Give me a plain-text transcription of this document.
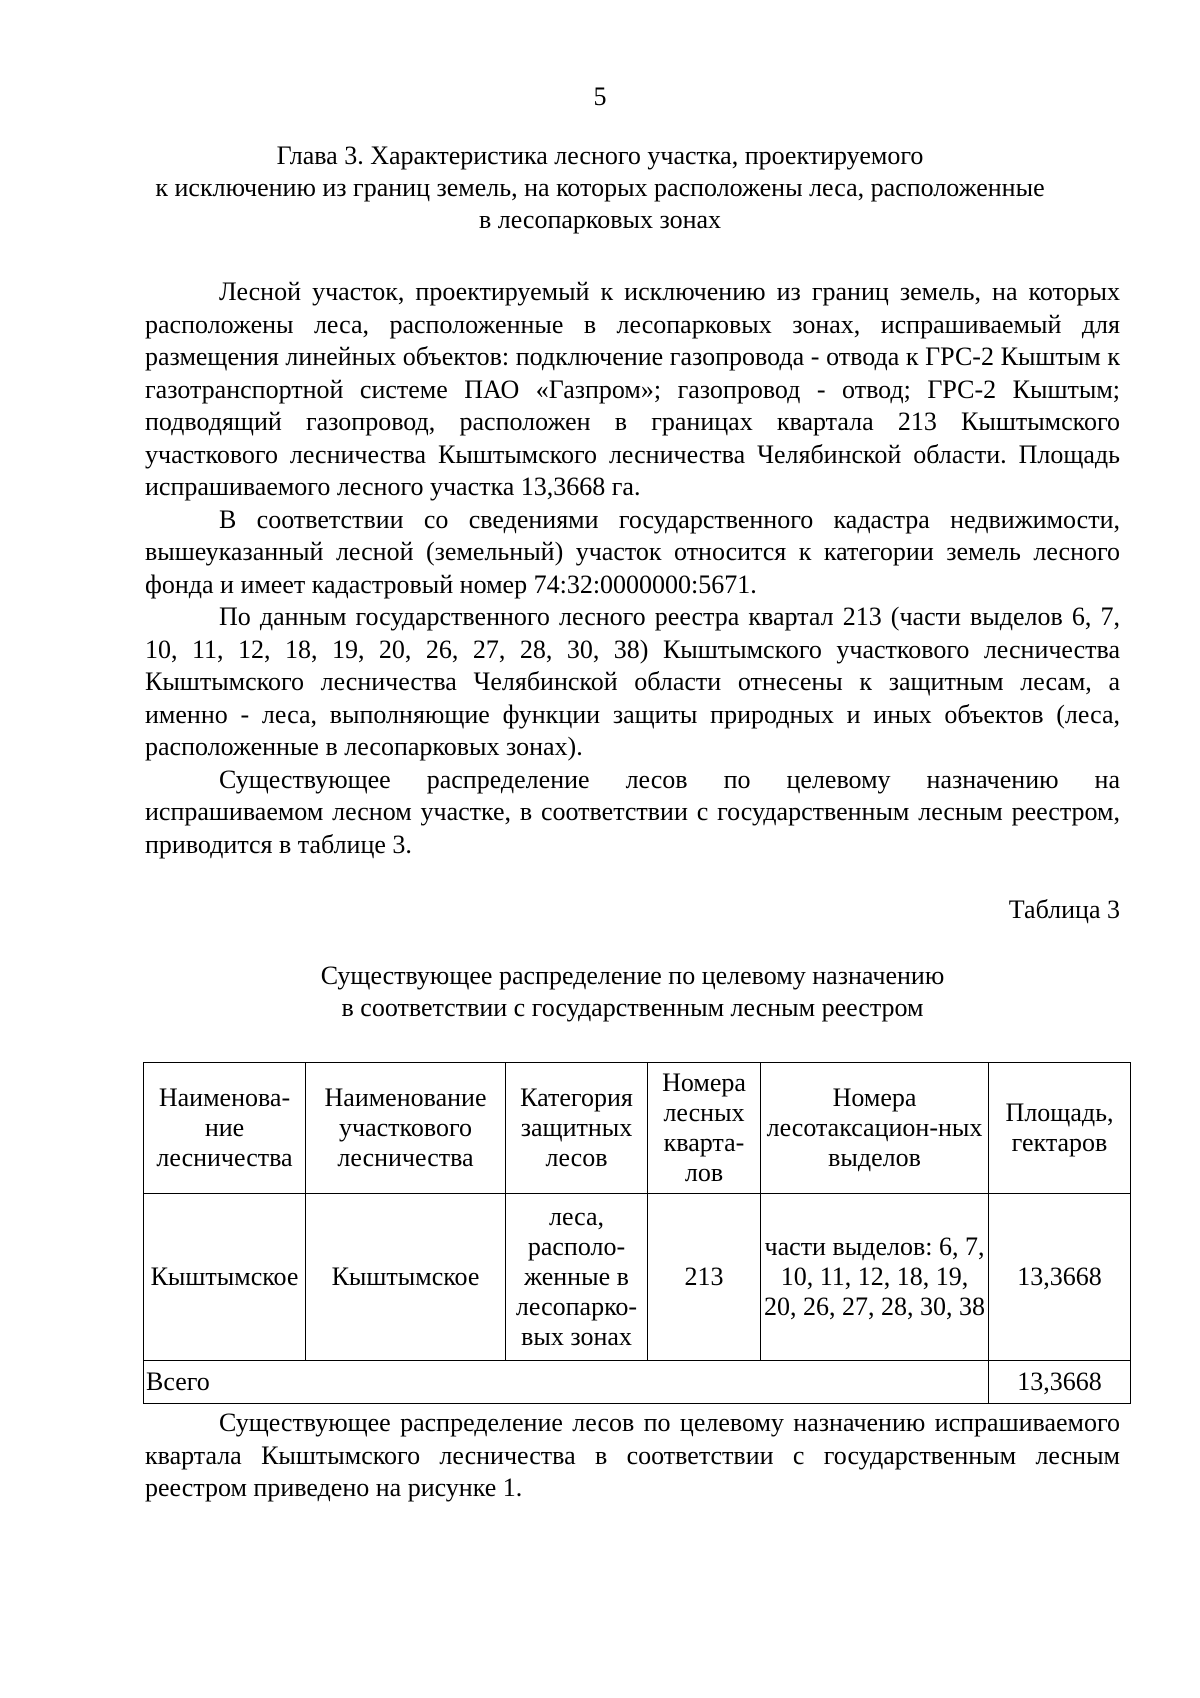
5
Глава 3. Характеристика лесного участка, проектируемого
к исключению из границ земель, на которых расположены леса, расположенные
в лесопарковых зонах

Лесной участок, проектируемый к исключению из границ земель, на которых расположены леса, расположенные в лесопарковых зонах, испрашиваемый для размещения линейных объектов: подключение газопровода - отвода к ГРС-2 Кыштым к газотранспортной системе ПАО «Газпром»; газопровод - отвод; ГРС-2 Кыштым; подводящий газопровод, расположен в границах квартала 213 Кыштымского участкового лесничества Кыштымского лесничества Челябинской области. Площадь испрашиваемого лесного участка 13,3668 га.

В соответствии со сведениями государственного кадастра недвижимости, вышеуказанный лесной (земельный) участок относится к категории земель лесного фонда и имеет кадастровый номер 74:32:0000000:5671.

По данным государственного лесного реестра квартал 213 (части выделов 6, 7, 10, 11, 12, 18, 19, 20, 26, 27, 28, 30, 38) Кыштымского участкового лесничества Кыштымского лесничества Челябинской области отнесены к защитным лесам, а именно - леса, выполняющие функции защиты природных и иных объектов (леса, расположенные в лесопарковых зонах).

Существующее распределение лесов по целевому назначению на испрашиваемом лесном участке, в соответствии с государственным лесным реестром, приводится в таблице 3.

Таблица 3
Существующее распределение по целевому назначению
в соответствии с государственным лесным реестром
Наименова-ние лесничества	Наименование участкового лесничества	Категория защитных лесов	Номера лесных кварта-лов	Номера лесотаксацион-ных выделов	Площадь, гектаров
Кыштымское	Кыштымское	леса, располо-женные в лесопарко-вых зонах	213	части выделов: 6, 7, 10, 11, 12, 18, 19, 20, 26, 27, 28, 30, 38	13,3668
Всего					13,3668

Существующее распределение лесов по целевому назначению испрашиваемого квартала Кыштымского лесничества в соответствии с государственным лесным реестром приведено на рисунке 1.
